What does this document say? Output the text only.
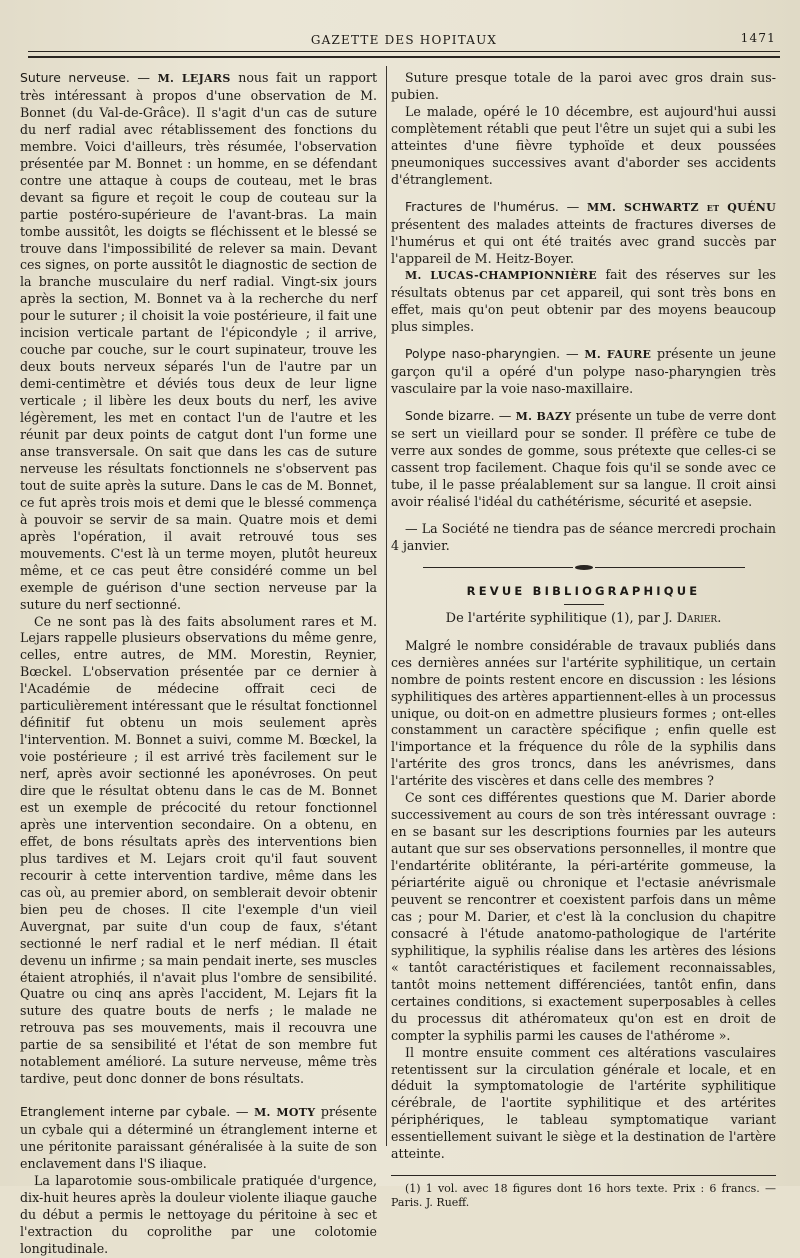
GAZETTE DES HOPITAUX	1471

Suture nerveuse. — M. LEJARS nous fait un rapport très intéressant à propos d'une observation de M. Bonnet (du Val-de-Grâce). Il s'agit d'un cas de suture du nerf radial avec rétablissement des fonctions du membre. Voici d'ailleurs, très résumée, l'observation présentée par M. Bonnet : un homme, en se défendant contre une attaque à coups de couteau, met le bras devant sa figure et reçoit le coup de couteau sur la partie postéro-supérieure de l'avant-bras. La main tombe aussitôt, les doigts se fléchissent et le blessé se trouve dans l'impossibilité de relever sa main. Devant ces signes, on porte aussitôt le diagnostic de section de la branche musculaire du nerf radial. Vingt-six jours après la section, M. Bonnet va à la recherche du nerf pour le suturer ; il choisit la voie postérieure, il fait une incision verticale partant de l'épicondyle ; il arrive, couche par couche, sur le court supinateur, trouve les deux bouts nerveux séparés l'un de l'autre par un demi-centimètre et déviés tous deux de leur ligne verticale ; il libère les deux bouts du nerf, les avive légèrement, les met en contact l'un de l'autre et les réunit par deux points de catgut dont l'un forme une anse transversale. On sait que dans les cas de suture nerveuse les résultats fonctionnels ne s'observent pas tout de suite après la suture. Dans le cas de M. Bonnet, ce fut après trois mois et demi que le blessé commença à pouvoir se servir de sa main. Quatre mois et demi après l'opération, il avait retrouvé tous ses mouvements. C'est là un terme moyen, plutôt heureux même, et ce cas peut être considéré comme un bel exemple de guérison d'une section nerveuse par la suture du nerf sectionné.

Ce ne sont pas là des faits absolument rares et M. Lejars rappelle plusieurs observations du même genre, celles, entre autres, de MM. Morestin, Reynier, Bœckel. L'observation présentée par ce dernier à l'Académie de médecine offrait ceci de particulièrement intéressant que le résultat fonctionnel définitif fut obtenu un mois seulement après l'intervention. M. Bonnet a suivi, comme M. Bœckel, la voie postérieure ; il est arrivé très facilement sur le nerf, après avoir sectionné les aponévroses. On peut dire que le résultat obtenu dans le cas de M. Bonnet est un exemple de précocité du retour fonctionnel après une intervention secondaire. On a obtenu, en effet, de bons résultats après des interventions bien plus tardives et M. Lejars croit qu'il faut souvent recourir à cette intervention tardive, même dans les cas où, au premier abord, on semblerait devoir obtenir bien peu de choses. Il cite l'exemple d'un vieil Auvergnat, par suite d'un coup de faux, s'étant sectionné le nerf radial et le nerf médian. Il était devenu un infirme ; sa main pendait inerte, ses muscles étaient atrophiés, il n'avait plus l'ombre de sensibilité. Quatre ou cinq ans après l'accident, M. Lejars fit la suture des quatre bouts de nerfs ; le malade ne retrouva pas ses mouvements, mais il recouvra une partie de sa sensibilité et l'état de son membre fut notablement amélioré. La suture nerveuse, même très tardive, peut donc donner de bons résultats.

Etranglement interne par cybale. — M. MOTY présente un cybale qui a déterminé un étranglement interne et une péritonite paraissant généralisée à la suite de son enclavement dans l'S iliaque.

La laparotomie sous-ombilicale pratiquée d'urgence, dix-huit heures après la douleur violente iliaque gauche du début a permis le nettoyage du péritoine à sec et l'extraction du coprolithe par une colotomie longitudinale.

Suture presque totale de la paroi avec gros drain sus-pubien.

Le malade, opéré le 10 décembre, est aujourd'hui aussi complètement rétabli que peut l'être un sujet qui a subi les atteintes d'une fièvre typhoïde et deux poussées pneumoniques successives avant d'aborder ses accidents d'étranglement.

Fractures de l'humérus. — MM. SCHWARTZ et QUÉNU présentent des malades atteints de fractures diverses de l'humérus et qui ont été traités avec grand succès par l'appareil de M. Heitz-Boyer.

M. LUCAS-CHAMPIONNIÈRE fait des réserves sur les résultats obtenus par cet appareil, qui sont très bons en effet, mais qu'on peut obtenir par des moyens beaucoup plus simples.

Polype naso-pharyngien. — M. FAURE présente un jeune garçon qu'il a opéré d'un polype naso-pharyngien très vasculaire par la voie naso-maxillaire.

Sonde bizarre. — M. BAZY présente un tube de verre dont se sert un vieillard pour se sonder. Il préfère ce tube de verre aux sondes de gomme, sous prétexte que celles-ci se cassent trop facilement. Chaque fois qu'il se sonde avec ce tube, il le passe préalablement sur sa langue. Il croit ainsi avoir réalisé l'idéal du cathétérisme, sécurité et asepsie.

— La Société ne tiendra pas de séance mercredi prochain 4 janvier.

REVUE BIBLIOGRAPHIQUE
De l'artérite syphilitique (1), par J. Darier.

Malgré le nombre considérable de travaux publiés dans ces dernières années sur l'artérite syphilitique, un certain nombre de points restent encore en discussion : les lésions syphilitiques des artères appartiennent-elles à un processus unique, ou doit-on en admettre plusieurs formes ; ont-elles constamment un caractère spécifique ; enfin quelle est l'importance et la fréquence du rôle de la syphilis dans l'artérite des gros troncs, dans les anévrismes, dans l'artérite des viscères et dans celle des membres ?

Ce sont ces différentes questions que M. Darier aborde successivement au cours de son très intéressant ouvrage : en se basant sur les descriptions fournies par les auteurs autant que sur ses observations personnelles, il montre que l'endartérite oblitérante, la péri-artérite gommeuse, la périartérite aiguë ou chronique et l'ectasie anévrismale peuvent se rencontrer et coexistent parfois dans un même cas ; pour M. Darier, et c'est là la conclusion du chapitre consacré à l'étude anatomo-pathologique de l'artérite syphilitique, la syphilis réalise dans les artères des lésions « tantôt caractéristiques et facilement reconnaissables, tantôt moins nettement différenciées, tantôt enfin, dans certaines conditions, si exactement superposables à celles du processus dit athéromateux qu'on est en droit de compter la syphilis parmi les causes de l'athérome ».

Il montre ensuite comment ces altérations vasculaires retentissent sur la circulation générale et locale, et en déduit la symptomatologie de l'artérite syphilitique cérébrale, de l'aortite syphilitique et des artérites périphériques, le tableau symptomatique variant essentiellement suivant le siège et la destination de l'artère atteinte.

(1) 1 vol. avec 18 figures dont 16 hors texte. Prix : 6 francs. — Paris. J. Rueff.
